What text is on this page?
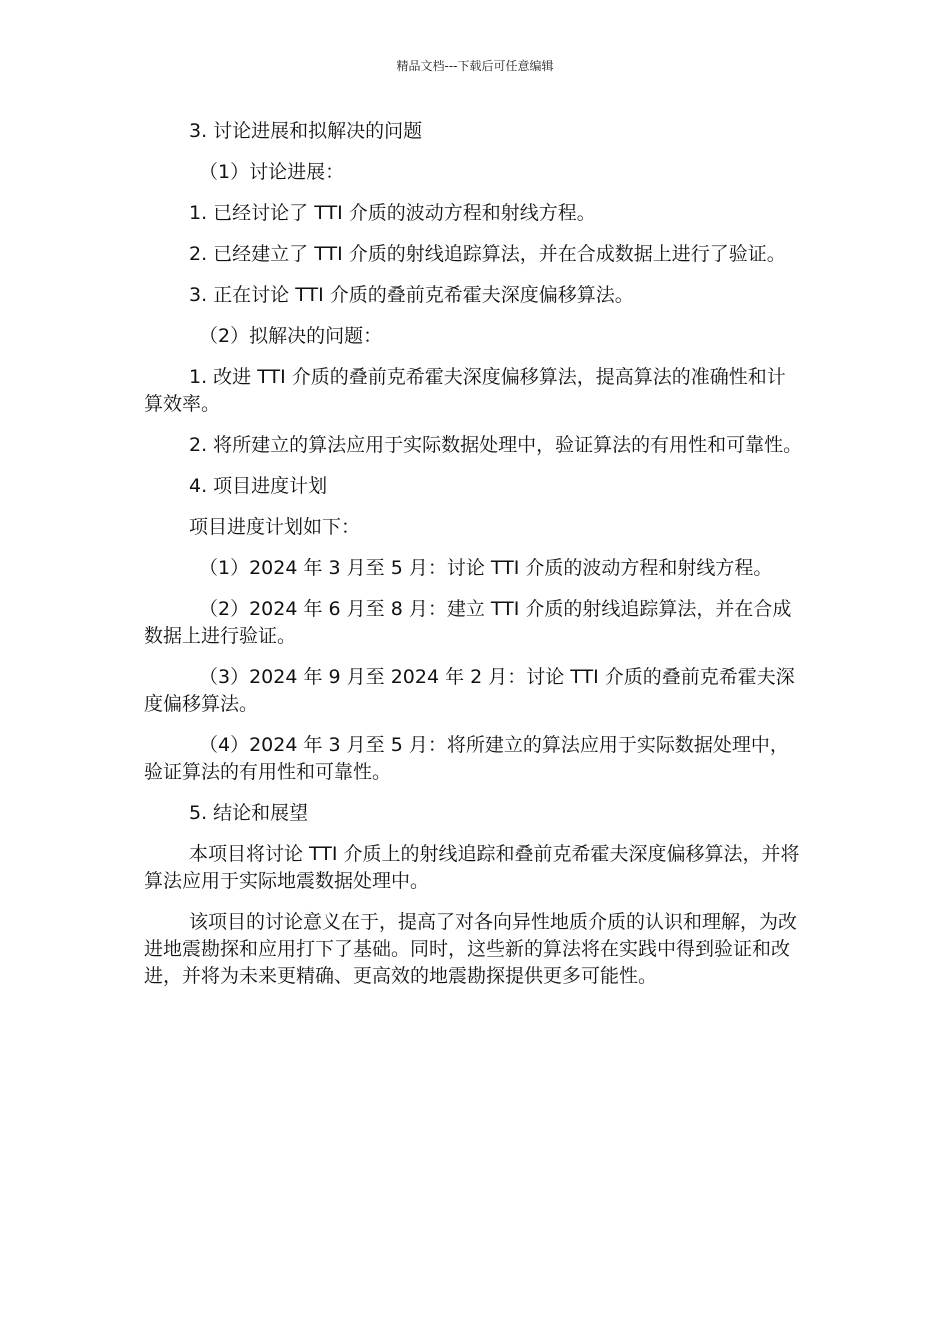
精品文档---下载后可任意编辑

3. 讨论进展和拟解决的问题

（1）讨论进展：

1. 已经讨论了 TTI 介质的波动方程和射线方程。

2. 已经建立了 TTI 介质的射线追踪算法，并在合成数据上进行了验证。

3. 正在讨论 TTI 介质的叠前克希霍夫深度偏移算法。

（2）拟解决的问题：

1. 改进 TTI 介质的叠前克希霍夫深度偏移算法，提高算法的准确性和计算效率。

2. 将所建立的算法应用于实际数据处理中，验证算法的有用性和可靠性。

4. 项目进度计划

项目进度计划如下：

（1）2024 年 3 月至 5 月：讨论 TTI 介质的波动方程和射线方程。

（2）2024 年 6 月至 8 月：建立 TTI 介质的射线追踪算法，并在合成数据上进行验证。

（3）2024 年 9 月至 2024 年 2 月：讨论 TTI 介质的叠前克希霍夫深度偏移算法。

（4）2024 年 3 月至 5 月：将所建立的算法应用于实际数据处理中，验证算法的有用性和可靠性。

5. 结论和展望

本项目将讨论 TTI 介质上的射线追踪和叠前克希霍夫深度偏移算法，并将算法应用于实际地震数据处理中。

该项目的讨论意义在于，提高了对各向异性地质介质的认识和理解，为改进地震勘探和应用打下了基础。同时，这些新的算法将在实践中得到验证和改进，并将为未来更精确、更高效的地震勘探提供更多可能性。
